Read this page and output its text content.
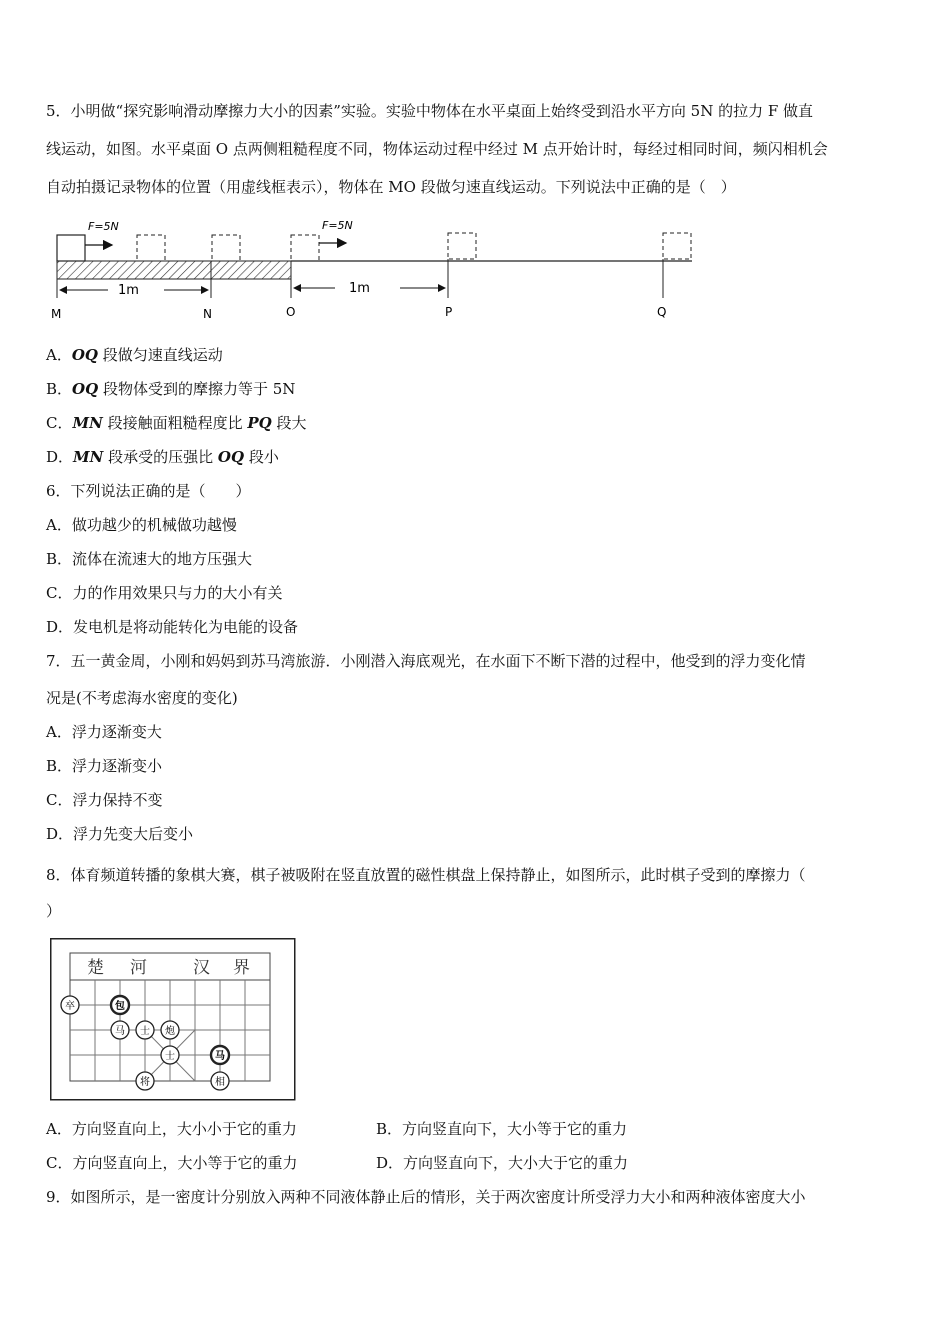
5．小明做“探究影响滑动摩擦力大小的因素”实验。实验中物体在水平桌面上始终受到沿水平方向 5N 的拉力 F 做直
线运动，如图。水平桌面 O 点两侧粗糙程度不同，物体运动过程中经过 M 点开始计时，每经过相同时间，频闪相机会
自动拍摄记录物体的位置（用虚线框表示），物体在 MO 段做匀速直线运动。下列说法中正确的是（　）
F=5N	F=5N
1m	1m
M	N	O	P	Q
A．OQ 段做匀速直线运动
B．OQ 段物体受到的摩擦力等于 5N
C．MN 段接触面粗糙程度比 PQ 段大
D．MN 段承受的压强比 OQ 段小
6．下列说法正确的是（　　）
A．做功越少的机械做功越慢
B．流体在流速大的地方压强大
C．力的作用效果只与力的大小有关
D．发电机是将动能转化为电能的设备
7．五一黄金周，小刚和妈妈到苏马湾旅游．小刚潜入海底观光，在水面下不断下潜的过程中，他受到的浮力变化情
况是(不考虑海水密度的变化)
A．浮力逐渐变大
B．浮力逐渐变小
C．浮力保持不变
D．浮力先变大后变小
8．体育频道转播的象棋大赛，棋子被吸附在竖直放置的磁性棋盘上保持静止，如图所示，此时棋子受到的摩擦力（
）
楚 河	汉 界
卒	包
马 士 炮
士	马
将	相
A．方向竖直向上，大小小于它的重力	B．方向竖直向下，大小等于它的重力
C．方向竖直向上，大小等于它的重力	D．方向竖直向下，大小大于它的重力
9．如图所示，是一密度计分别放入两种不同液体静止后的情形，关于两次密度计所受浮力大小和两种液体密度大小
